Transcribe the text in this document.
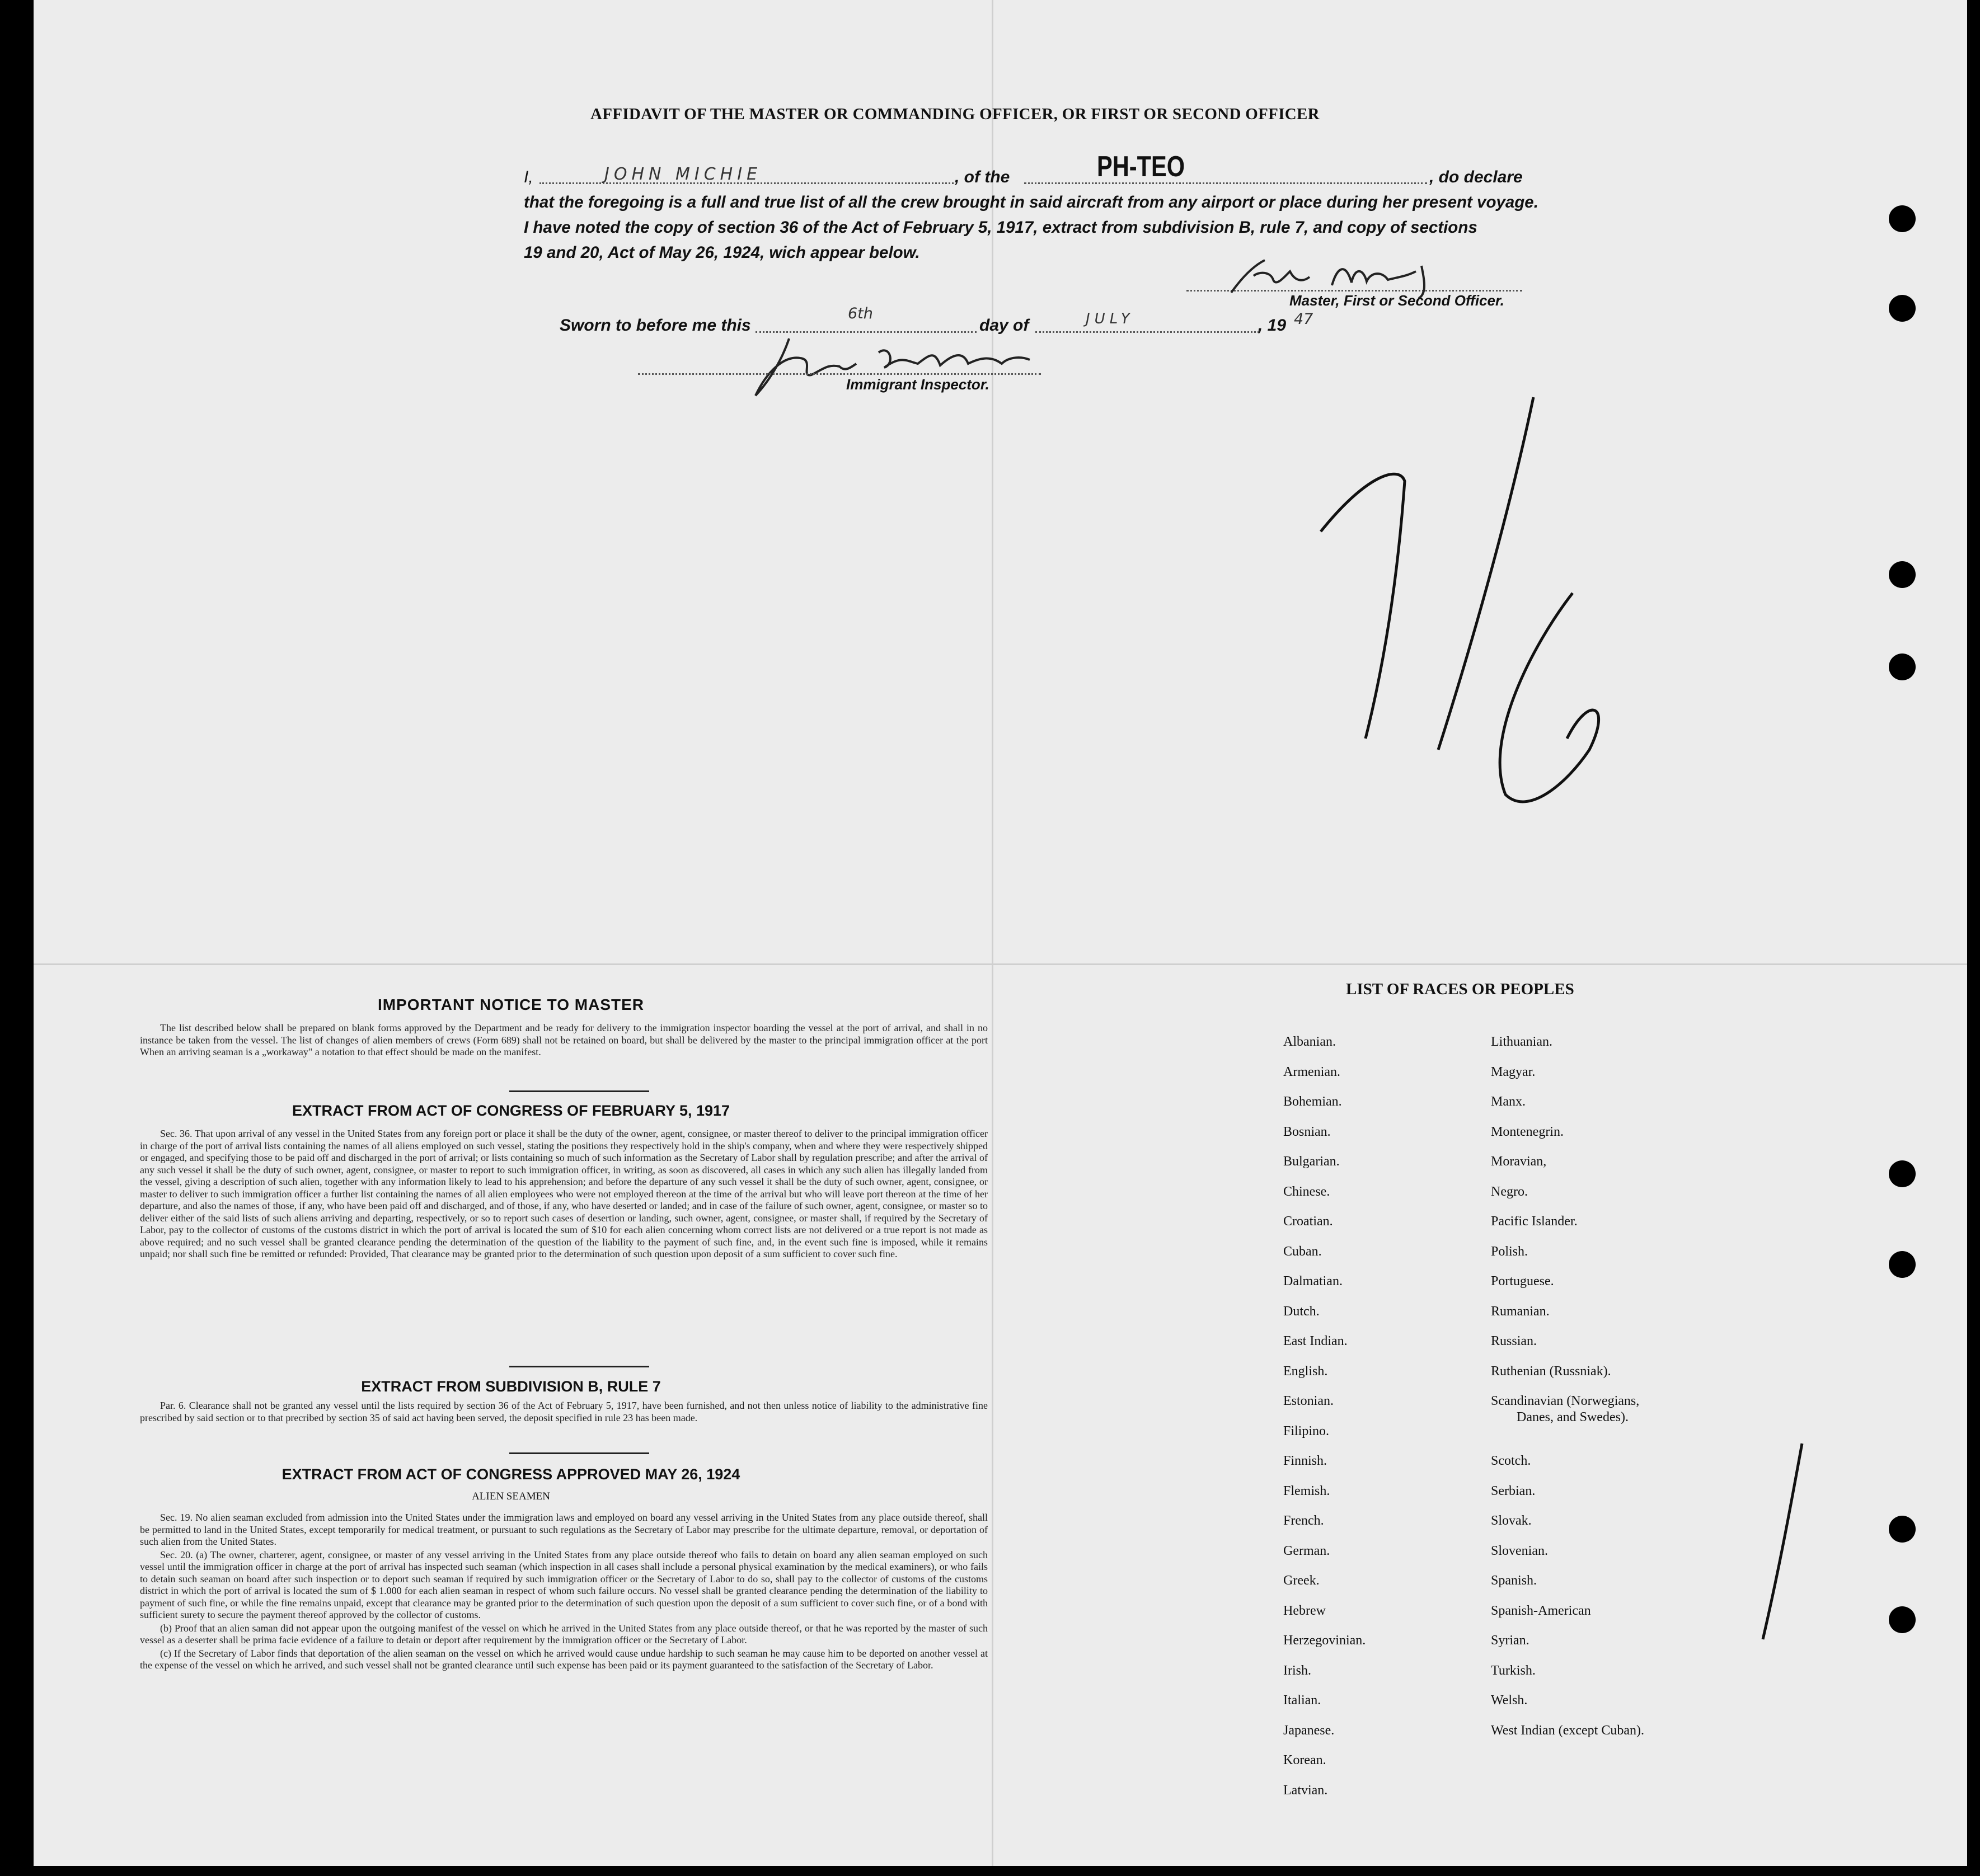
AFFIDAVIT OF THE MASTER OR COMMANDING OFFICER, OR FIRST OR SECOND OFFICER
I,	JOHN MICHIE	, of the	PH-TEO	, do declare
that the foregoing is a full and true list of all the crew brought in said aircraft from any airport or place during her present voyage.
I have noted the copy of section 36 of the Act of February 5, 1917, extract from subdivision B, rule 7, and copy of sections
19 and 20, Act of May 26, 1924, wich appear below.
Master, First or Second Officer.
Sworn to before me this
6th
day of	JULY	, 19 47
Immigrant Inspector.
IMPORTANT NOTICE TO MASTER

The list described below shall be prepared on blank forms approved by the Department and be ready for delivery to the immigration inspector boarding the vessel at the port of arrival, and shall in no instance be taken from the vessel. The list of changes of alien members of crews (Form 689) shall not be retained on board, but shall be delivered by the master to the principal immigration officer at the port When an arriving seaman is a „workaway" a notation to that effect should be made on the manifest.

EXTRACT FROM ACT OF CONGRESS OF FEBRUARY 5, 1917

Sec. 36. That upon arrival of any vessel in the United States from any foreign port or place it shall be the duty of the owner, agent, consignee, or master thereof to deliver to the principal immigration officer in charge of the port of arrival lists containing the names of all aliens employed on such vessel, stating the positions they respectively hold in the ship's company, when and where they were respectively shipped or engaged, and specifying those to be paid off and discharged in the port of arrival; or lists containing so much of such information as the Secretary of Labor shall by regulation prescribe; and after the arrival of any such vessel it shall be the duty of such owner, agent, consignee, or master to report to such immigration officer, in writing, as soon as discovered, all cases in which any such alien has illegally landed from the vessel, giving a description of such alien, together with any information likely to lead to his apprehension; and before the departure of any such vessel it shall be the duty of such owner, agent, consignee, or master to deliver to such immigration officer a further list containing the names of all alien employees who were not employed thereon at the time of the arrival but who will leave port thereon at the time of her departure, and also the names of those, if any, who have been paid off and discharged, and of those, if any, who have deserted or landed; and in case of the failure of such owner, agent, consignee, or master so to deliver either of the said lists of such aliens arriving and departing, respectively, or so to report such cases of desertion or landing, such owner, agent, consignee, or master shall, if required by the Secretary of Labor, pay to the collector of customs of the customs district in which the port of arrival is located the sum of $10 for each alien concerning whom correct lists are not delivered or a true report is not made as above required; and no such vessel shall be granted clearance pending the determination of the question of the liability to the payment of such fine, and, in the event such fine is imposed, while it remains unpaid; nor shall such fine be remitted or refunded: Provided, That clearance may be granted prior to the determination of such question upon deposit of a sum sufficient to cover such fine.

EXTRACT FROM SUBDIVISION B, RULE 7

Par. 6. Clearance shall not be granted any vessel until the lists required by section 36 of the Act of February 5, 1917, have been furnished, and not then unless notice of liability to the administrative fine prescribed by said section or to that precribed by section 35 of said act having been served, the deposit specified in rule 23 has been made.

EXTRACT FROM ACT OF CONGRESS APPROVED MAY 26, 1924
ALIEN SEAMEN

Sec. 19. No alien seaman excluded from admission into the United States under the immigration laws and employed on board any vessel arriving in the United States from any place outside thereof, shall be permitted to land in the United States, except temporarily for medical treatment, or pursuant to such regulations as the Secretary of Labor may prescribe for the ultimate departure, removal, or deportation of such alien from the United States.

Sec. 20. (a) The owner, charterer, agent, consignee, or master of any vessel arriving in the United States from any place outside thereof who fails to detain on board any alien seaman employed on such vessel until the immigration officer in charge at the port of arrival has inspected such seaman (which inspection in all cases shall include a personal physical examination by the medical examiners), or who fails to detain such seaman on board after such inspection or to deport such seaman if required by such immigration officer or the Secretary of Labor to do so, shall pay to the collector of customs of the customs district in which the port of arrival is located the sum of $ 1.000 for each alien seaman in respect of whom such failure occurs. No vessel shall be granted clearance pending the determination of the liability to payment of such fine, or while the fine remains unpaid, except that clearance may be granted prior to the determination of such question upon the deposit of a sum sufficient to cover such fine, or of a bond with sufficient surety to secure the payment thereof approved by the collector of customs.

(b) Proof that an alien saman did not appear upon the outgoing manifest of the vessel on which he arrived in the United States from any place outside thereof, or that he was reported by the master of such vessel as a deserter shall be prima facie evidence of a failure to detain or deport after requirement by the immigration officer or the Secretary of Labor.

(c) If the Secretary of Labor finds that deportation of the alien seaman on the vessel on which he arrived would cause undue hardship to such seaman he may cause him to be deported on another vessel at the expense of the vessel on which he arrived, and such vessel shall not be granted clearance until such expense has been paid or its payment guaranteed to the satisfaction of the Secretary of Labor.

LIST OF RACES OR PEOPLES
Albanian.
Armenian.
Bohemian.
Bosnian.
Bulgarian.
Chinese.
Croatian.
Cuban.
Dalmatian.
Dutch.
East Indian.
English.
Estonian.
Filipino.
Finnish.
Flemish.
French.
German.
Greek.
Hebrew
Herzegovinian.
Irish.
Italian.
Japanese.
Korean.
Latvian.
Lithuanian.
Magyar.
Manx.
Montenegrin.
Moravian,
Negro.
Pacific Islander.
Polish.
Portuguese.
Rumanian.
Russian.
Ruthenian (Russniak).
Scandinavian (Norwegians,
Danes, and Swedes).
Scotch.
Serbian.
Slovak.
Slovenian.
Spanish.
Spanish-American
Syrian.
Turkish.
Welsh.
West Indian (except Cuban).
